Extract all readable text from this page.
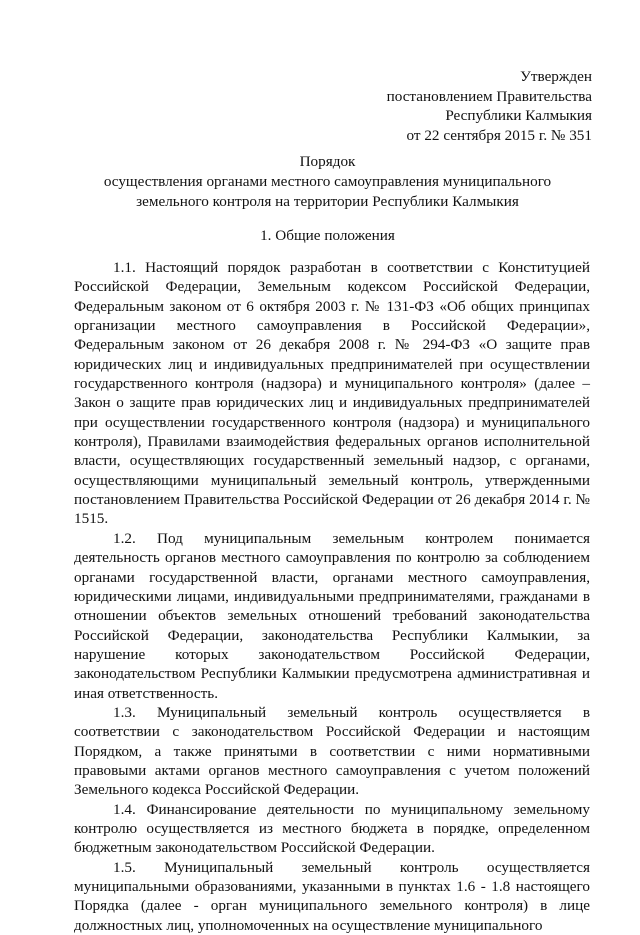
Утвержден
постановлением Правительства
Республики Калмыкия
от 22 сентября 2015 г. № 351
Порядок
осуществления органами местного самоуправления муниципального
земельного контроля на территории Республики Калмыкия
1. Общие положения

1.1. Настоящий порядок разработан в соответствии с Конституцией Российской Федерации, Земельным кодексом Российской Федерации, Федеральным законом от 6 октября 2003 г. № 131-ФЗ «Об общих принципах организации местного самоуправления в Российской Федерации», Федеральным законом от 26 декабря 2008 г. № 294-ФЗ «О защите прав юридических лиц и индивидуальных предпринимателей при осуществлении государственного контроля (надзора) и муниципального контроля» (далее – Закон о защите прав юридических лиц и индивидуальных предпринимателей при осуществлении государственного контроля (надзора) и муниципального контроля), Правилами взаимодействия федеральных органов исполнительной власти, осуществляющих государственный земельный надзор, с органами, осуществляющими муниципальный земельный контроль, утвержденными постановлением Правительства Российской Федерации от 26 декабря 2014 г. № 1515.

1.2. Под муниципальным земельным контролем понимается деятельность органов местного самоуправления по контролю за соблюдением органами государственной власти, органами местного самоуправления, юридическими лицами, индивидуальными предпринимателями, гражданами в отношении объектов земельных отношений требований законодательства Российской Федерации, законодательства Республики Калмыкии, за нарушение которых законодательством Российской Федерации, законодательством Республики Калмыкии предусмотрена административная и иная ответственность.

1.3. Муниципальный земельный контроль осуществляется в соответствии с законодательством Российской Федерации и настоящим Порядком, а также принятыми в соответствии с ними нормативными правовыми актами органов местного самоуправления с учетом положений Земельного кодекса Российской Федерации.

1.4. Финансирование деятельности по муниципальному земельному контролю осуществляется из местного бюджета в порядке, определенном бюджетным законодательством Российской Федерации.

1.5. Муниципальный земельный контроль осуществляется муниципальными образованиями, указанными в пунктах 1.6 - 1.8 настоящего Порядка (далее - орган муниципального земельного контроля) в лице должностных лиц, уполномоченных на осуществление муниципального
